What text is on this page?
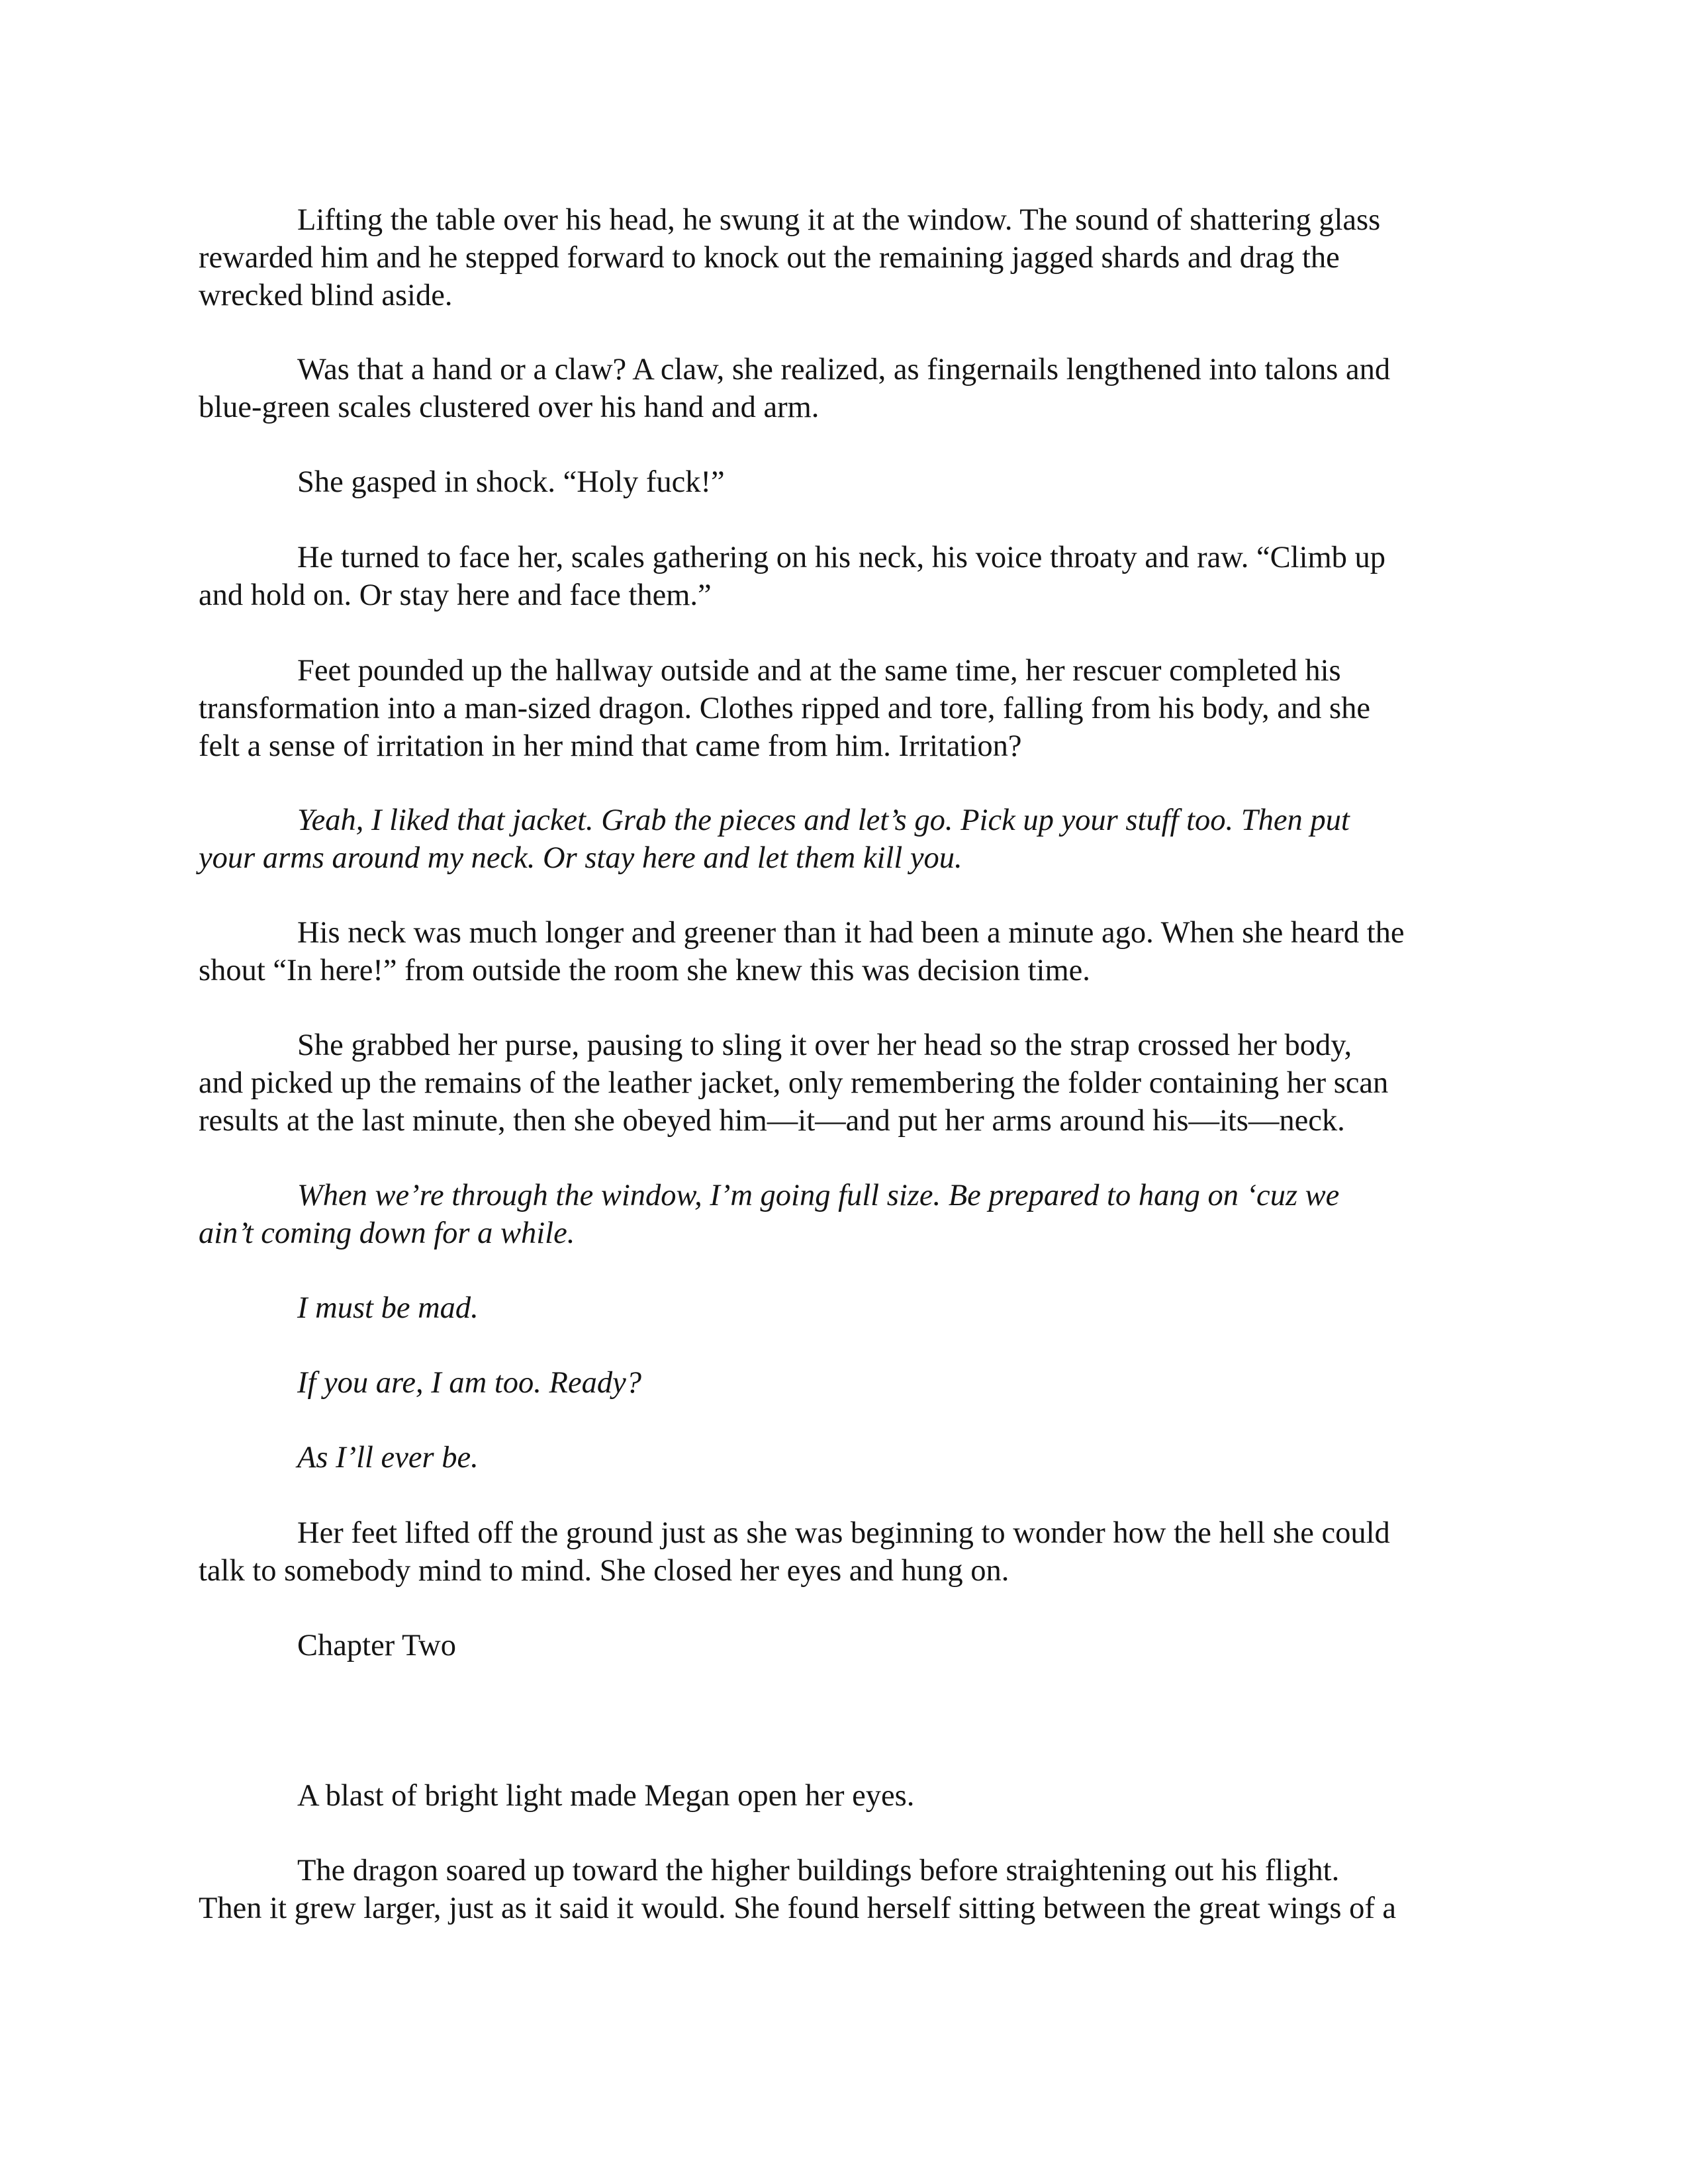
Lifting the table over his head, he swung it at the window. The sound of shattering glass
rewarded him and he stepped forward to knock out the remaining jagged shards and drag the
wrecked blind aside.
Was that a hand or a claw? A claw, she realized, as fingernails lengthened into talons and
blue-green scales clustered over his hand and arm.
She gasped in shock. “Holy fuck!”
He turned to face her, scales gathering on his neck, his voice throaty and raw. “Climb up
and hold on. Or stay here and face them.”
Feet pounded up the hallway outside and at the same time, her rescuer completed his
transformation into a man-sized dragon. Clothes ripped and tore, falling from his body, and she
felt a sense of irritation in her mind that came from him. Irritation?
Yeah, I liked that jacket. Grab the pieces and let’s go. Pick up your stuff too. Then put
your arms around my neck. Or stay here and let them kill you.
His neck was much longer and greener than it had been a minute ago. When she heard the
shout “In here!” from outside the room she knew this was decision time.
She grabbed her purse, pausing to sling it over her head so the strap crossed her body,
and picked up the remains of the leather jacket, only remembering the folder containing her scan
results at the last minute, then she obeyed him—it—and put her arms around his—its—neck.
When we’re through the window, I’m going full size. Be prepared to hang on ‘cuz we
ain’t coming down for a while.
I must be mad.
If you are, I am too. Ready?
As I’ll ever be.
Her feet lifted off the ground just as she was beginning to wonder how the hell she could
talk to somebody mind to mind. She closed her eyes and hung on.
Chapter Two
A blast of bright light made Megan open her eyes.
The dragon soared up toward the higher buildings before straightening out his flight.
Then it grew larger, just as it said it would. She found herself sitting between the great wings of a
